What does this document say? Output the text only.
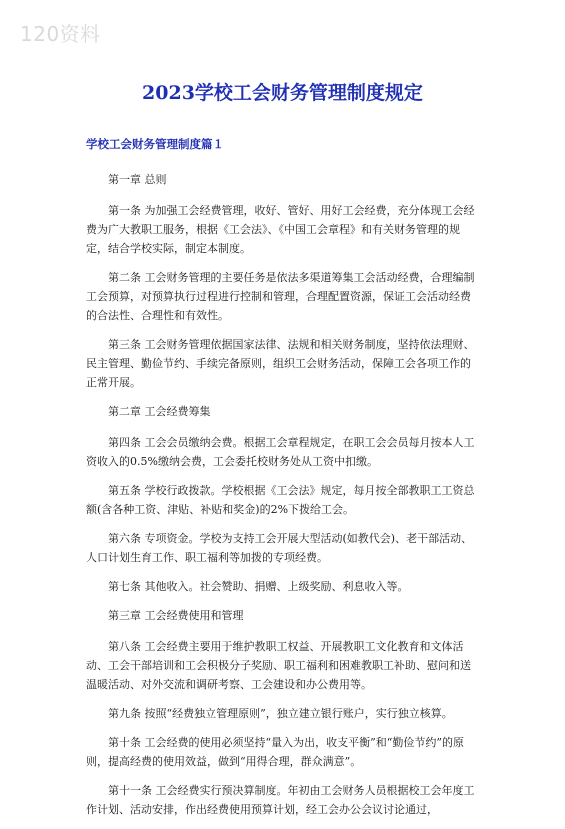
120资料
2023学校工会财务管理制度规定
学校工会财务管理制度篇１

第一章 总则

第一条 为加强工会经费管理，收好、管好、用好工会经费，充分体现工会经费为广大教职工服务，根据《工会法》、《中国工会章程》和有关财务管理的规定，结合学校实际，制定本制度。

第二条 工会财务管理的主要任务是依法多渠道筹集工会活动经费，合理编制工会预算，对预算执行过程进行控制和管理，合理配置资源，保证工会活动经费的合法性、合理性和有效性。

第三条 工会财务管理依据国家法律、法规和相关财务制度，坚持依法理财、民主管理、勤俭节约、手续完备原则，组织工会财务活动，保障工会各项工作的正常开展。

第二章 工会经费筹集

第四条 工会会员缴纳会费。根据工会章程规定，在职工会会员每月按本人工资收入的0.5%缴纳会费，工会委托校财务处从工资中扣缴。

第五条 学校行政拨款。学校根据《工会法》规定，每月按全部教职工工资总额(含各种工资、津贴、补贴和奖金)的2%下拨给工会。

第六条 专项资金。学校为支持工会开展大型活动(如教代会)、老干部活动、人口计划生育工作、职工福利等加拨的专项经费。

第七条 其他收入。社会赞助、捐赠、上级奖励、利息收入等。

第三章 工会经费使用和管理

第八条 工会经费主要用于维护教职工权益、开展教职工文化教育和文体活动、工会干部培训和工会积极分子奖励、职工福利和困难教职工补助、慰问和送温暖活动、对外交流和调研考察、工会建设和办公费用等。

第九条 按照“经费独立管理原则”，独立建立银行账户，实行独立核算。

第十条 工会经费的使用必须坚持“量入为出，收支平衡”和“勤俭节约”的原则，提高经费的使用效益，做到“用得合理，群众满意”。

第十一条 工会经费实行预决算制度。年初由工会财务人员根据校工会年度工作计划、活动安排，作出经费使用预算计划，经工会办公会议讨论通过，
